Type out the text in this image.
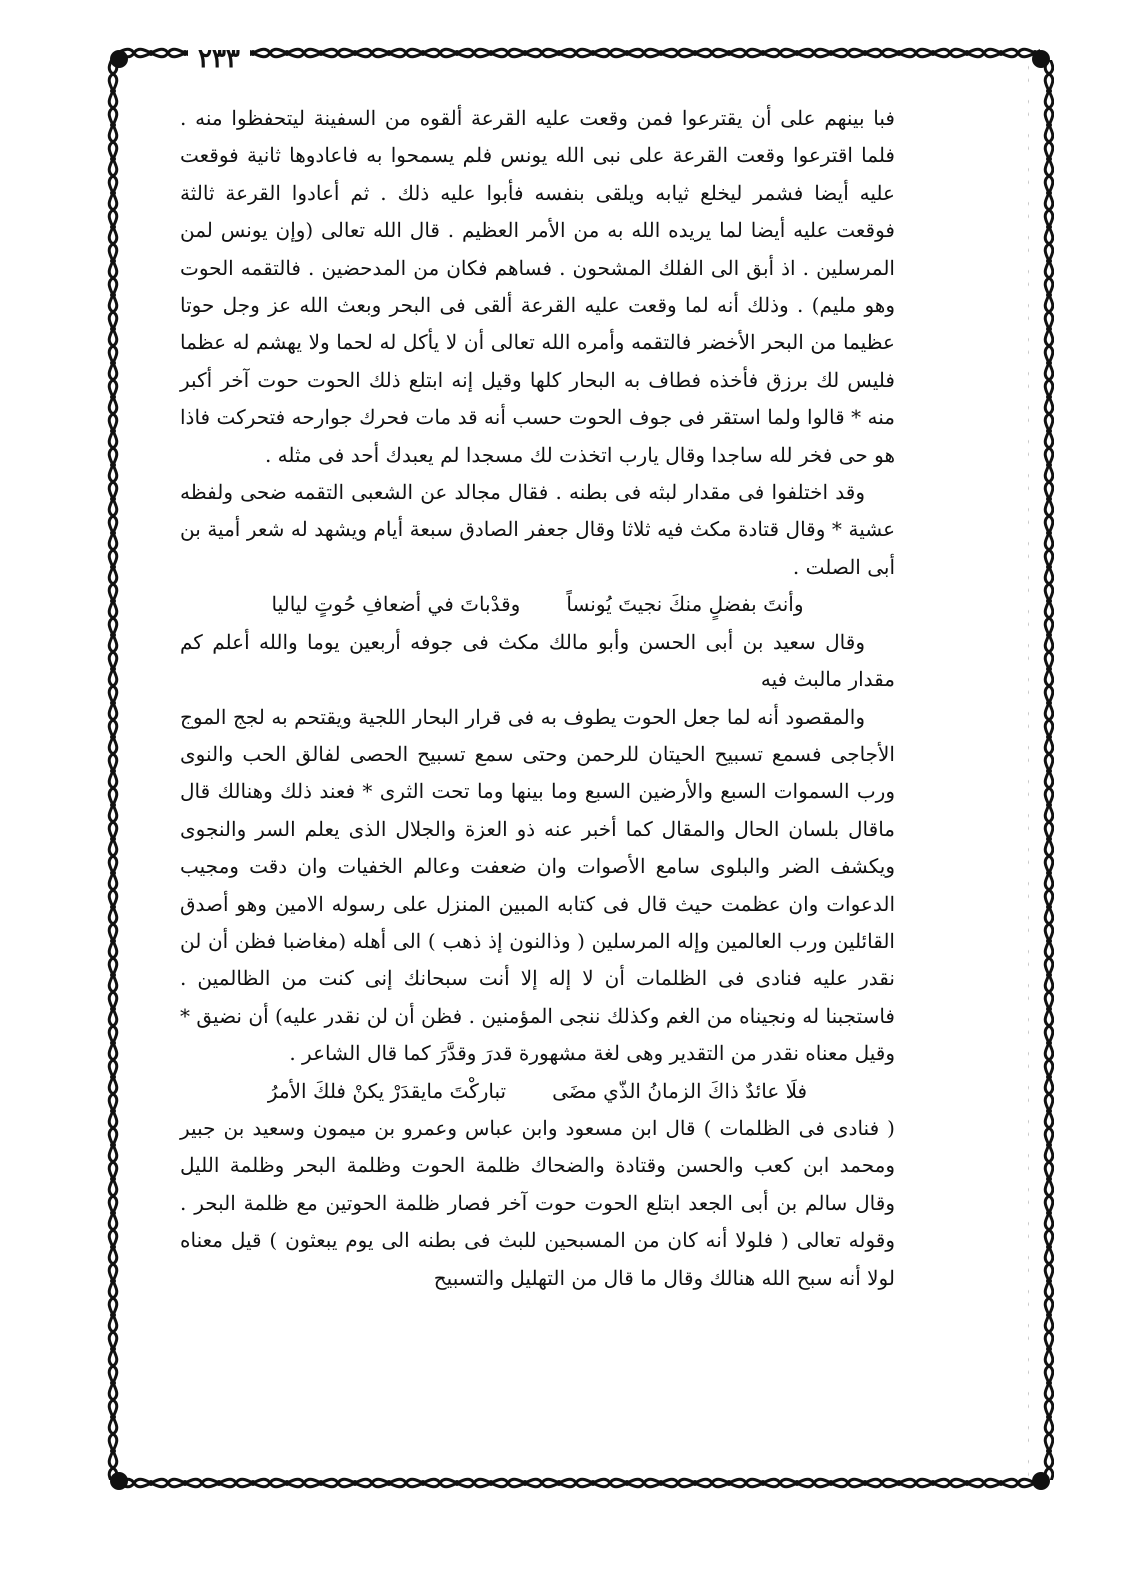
٢٣٣

فبا بينهم على أن يقترعوا فمن وقعت عليه القرعة ألقوه من السفينة ليتحفظوا منه . فلما اقترعوا وقعت القرعة على نبى الله يونس فلم يسمحوا به فاعادوها ثانية فوقعت عليه أيضا فشمر ليخلع ثيابه ويلقى بنفسه فأبوا عليه ذلك . ثم أعادوا القرعة ثالثة فوقعت عليه أيضا لما يريده الله به من الأمر العظيم . قال الله تعالى (وإن يونس لمن المرسلين . اذ أبق الى الفلك المشحون . فساهم فكان من المدحضين . فالتقمه الحوت وهو مليم) . وذلك أنه لما وقعت عليه القرعة ألقى فى البحر وبعث الله عز وجل حوتا عظيما من البحر الأخضر فالتقمه وأمره الله تعالى أن لا يأكل له لحما ولا يهشم له عظما فليس لك برزق فأخذه فطاف به البحار كلها وقيل إنه ابتلع ذلك الحوت حوت آخر أكبر منه * قالوا ولما استقر فى جوف الحوت حسب أنه قد مات فحرك جوارحه فتحركت فاذا هو حى فخر لله ساجدا وقال يارب اتخذت لك مسجدا لم يعبدك أحد فى مثله .

وقد اختلفوا فى مقدار لبثه فى بطنه . فقال مجالد عن الشعبى التقمه ضحى ولفظه عشية * وقال قتادة مكث فيه ثلاثا وقال جعفر الصادق سبعة أيام ويشهد له شعر أمية بن أبى الصلت .

وأنتَ بفضلٍ منكَ نجيتَ يُونساً
وقدْباتَ في أضعافِ حُوتٍ لياليا

وقال سعيد بن أبى الحسن وأبو مالك مكث فى جوفه أربعين يوما والله أعلم كم مقدار مالبث فيه

والمقصود أنه لما جعل الحوت يطوف به فى قرار البحار اللجية ويقتحم به لجج الموج الأجاجى فسمع تسبيح الحيتان للرحمن وحتى سمع تسبيح الحصى لفالق الحب والنوى ورب السموات السبع والأرضين السبع وما بينها وما تحت الثرى * فعند ذلك وهنالك قال ماقال بلسان الحال والمقال كما أخبر عنه ذو العزة والجلال الذى يعلم السر والنجوى ويكشف الضر والبلوى سامع الأصوات وان ضعفت وعالم الخفيات وان دقت ومجيب الدعوات وان عظمت حيث قال فى كتابه المبين المنزل على رسوله الامين وهو أصدق القائلين ورب العالمين وإله المرسلين ( وذالنون إذ ذهب ) الى أهله (مغاضبا فظن أن لن نقدر عليه فنادى فى الظلمات أن لا إله إلا أنت سبحانك إنى كنت من الظالمين . فاستجبنا له ونجيناه من الغم وكذلك ننجى المؤمنين . فظن أن لن نقدر عليه) أن نضيق * وقيل معناه نقدر من التقدير وهى لغة مشهورة قدرَ وقدَّرَ كما قال الشاعر .

فلَا عائدٌ ذاكَ الزمانُ الذّي مضَى
تباركْتَ مايقدَرْ يكنْ فلكَ الأمرُ

( فنادى فى الظلمات ) قال ابن مسعود وابن عباس وعمرو بن ميمون وسعيد بن جبير ومحمد ابن كعب والحسن وقتادة والضحاك ظلمة الحوت وظلمة البحر وظلمة الليل وقال سالم بن أبى الجعد ابتلع الحوت حوت آخر فصار ظلمة الحوتين مع ظلمة البحر . وقوله تعالى ( فلولا أنه كان من المسبحين للبث فى بطنه الى يوم يبعثون ) قيل معناه لولا أنه سبح الله هنالك وقال ما قال من التهليل والتسبيح
